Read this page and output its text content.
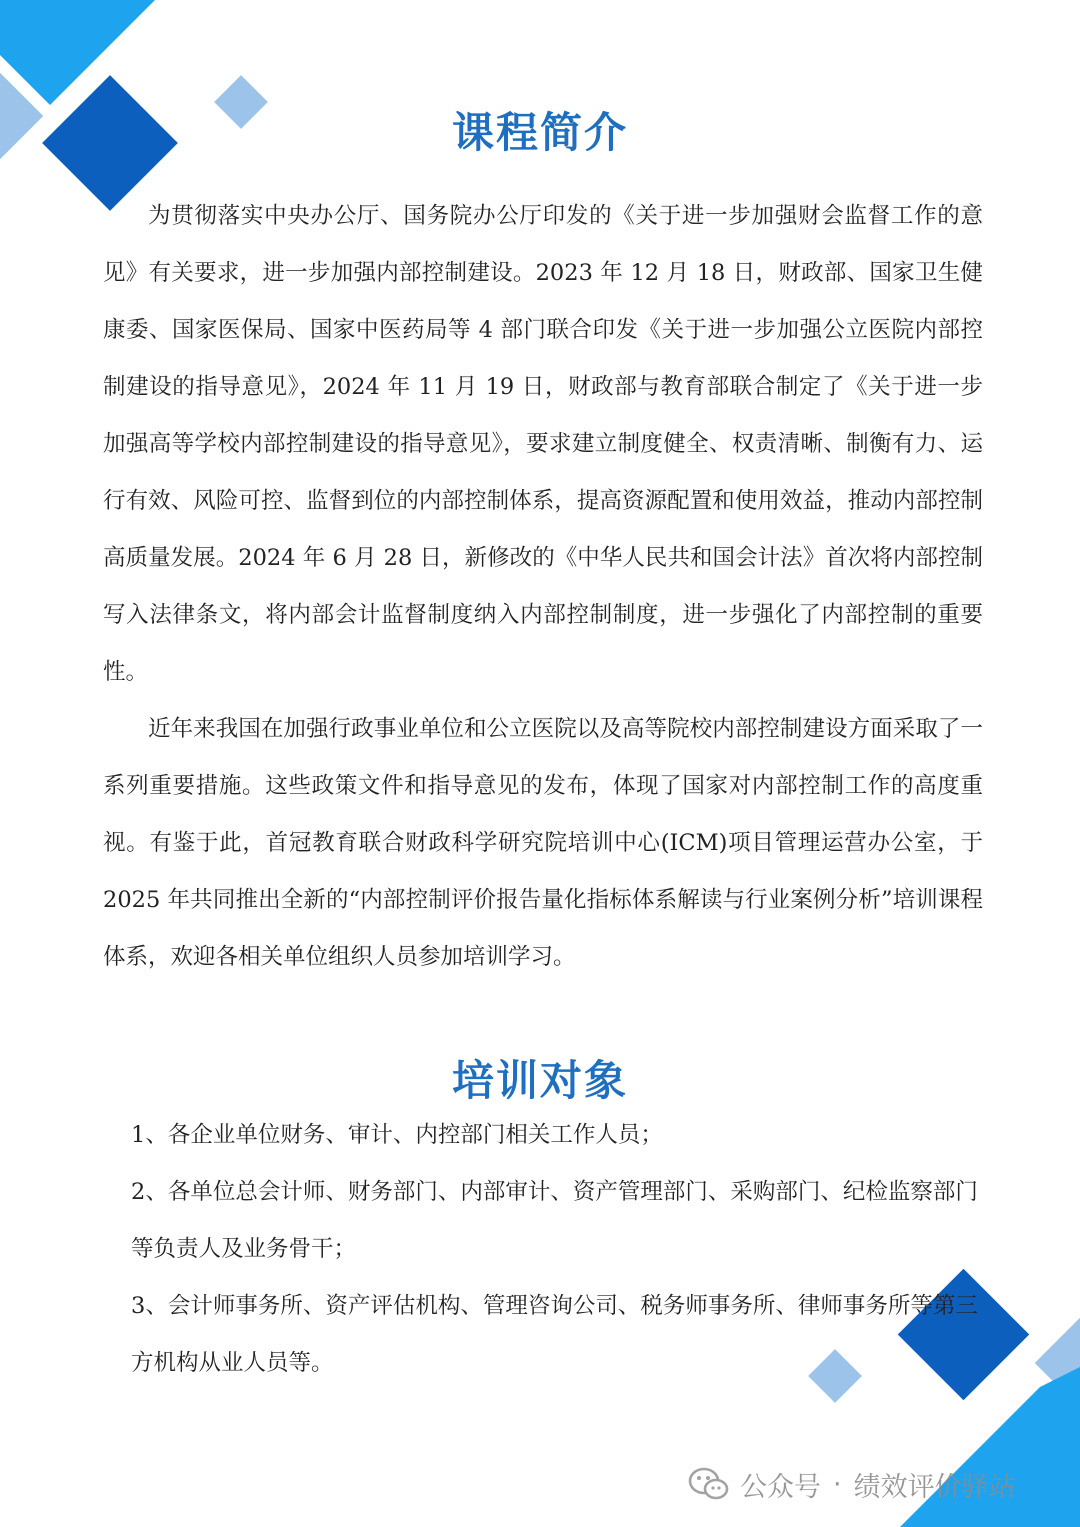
课程简介

为贯彻落实中央办公厅、国务院办公厅印发的《关于进一步加强财会监督工作的意见》有关要求，进一步加强内部控制建设。2023 年 12 月 18 日，财政部、国家卫生健康委、国家医保局、国家中医药局等 4 部门联合印发《关于进一步加强公立医院内部控制建设的指导意见》，2024 年 11 月 19 日，财政部与教育部联合制定了《关于进一步加强高等学校内部控制建设的指导意见》，要求建立制度健全、权责清晰、制衡有力、运行有效、风险可控、监督到位的内部控制体系，提高资源配置和使用效益，推动内部控制高质量发展。2024 年 6 月 28 日，新修改的《中华人民共和国会计法》首次将内部控制写入法律条文，将内部会计监督制度纳入内部控制制度，进一步强化了内部控制的重要性。

近年来我国在加强行政事业单位和公立医院以及高等院校内部控制建设方面采取了一系列重要措施。这些政策文件和指导意见的发布，体现了国家对内部控制工作的高度重视。有鉴于此，首冠教育联合财政科学研究院培训中心(ICM)项目管理运营办公室，于 2025 年共同推出全新的“内部控制评价报告量化指标体系解读与行业案例分析”培训课程体系，欢迎各相关单位组织人员参加培训学习。

培训对象
1、各企业单位财务、审计、内控部门相关工作人员；
2、各单位总会计师、财务部门、内部审计、资产管理部门、采购部门、纪检监察部门等负责人及业务骨干；
3、会计师事务所、资产评估机构、管理咨询公司、税务师事务所、律师事务所等第三方机构从业人员等。
公众号 · 绩效评价驿站
